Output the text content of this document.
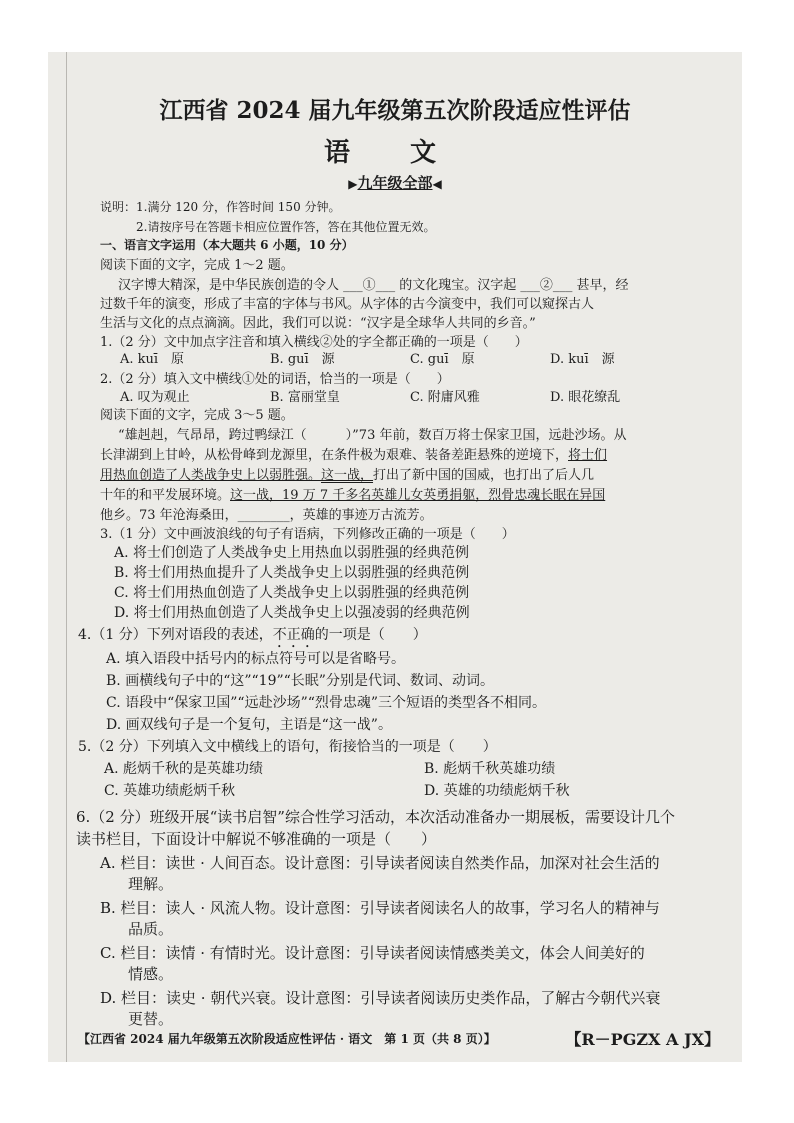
江西省 2024 届九年级第五次阶段适应性评估
语文
▶九年级全部◀
说明：1.满分 120 分，作答时间 150 分钟。
2.请按序号在答题卡相应位置作答，答在其他位置无效。
一、语言文字运用（本大题共 6 小题，10 分）
阅读下面的文字，完成 1～2 题。
汉字博大精深，是中华民族创造的令人 ___①___ 的文化瑰宝。汉字起 ___②___ 甚早，经
过数千年的演变，形成了丰富的字体与书风。从字体的古今演变中，我们可以窥探古人
生活与文化的点点滴滴。因此，我们可以说：“汉字是全球华人共同的乡音。”
1.（2 分）文中加点字注音和填入横线②处的字全都正确的一项是（　　）
A. kuī　原	B. guī　源	C. guī　原	D. kuī　源
2.（2 分）填入文中横线①处的词语，恰当的一项是（　　）
A. 叹为观止	B. 富丽堂皇	C. 附庸风雅	D. 眼花缭乱
阅读下面的文字，完成 3～5 题。
“雄赳赳，气昂昂，跨过鸭绿江（　　　）”73 年前，数百万将士保家卫国，远赴沙场。从
长津湖到上甘岭，从松骨峰到龙源里，在条件极为艰难、装备差距悬殊的逆境下，将士们
用热血创造了人类战争史上以弱胜强。这一战，打出了新中国的国威，也打出了后人几
十年的和平发展环境。这一战，19 万 7 千多名英雄儿女英勇捐躯，烈骨忠魂长眠在异国
他乡。73 年沧海桑田，________，英雄的事迹万古流芳。
3.（1 分）文中画波浪线的句子有语病，下列修改正确的一项是（　　）
A. 将士们创造了人类战争史上用热血以弱胜强的经典范例
B. 将士们用热血提升了人类战争史上以弱胜强的经典范例
C. 将士们用热血创造了人类战争史上以弱胜强的经典范例
D. 将士们用热血创造了人类战争史上以强凌弱的经典范例
4.（1 分）下列对语段的表述，不正确的一项是（　　）
A. 填入语段中括号内的标点符号可以是省略号。
B. 画横线句子中的“这”“19”“长眠”分别是代词、数词、动词。
C. 语段中“保家卫国”“远赴沙场”“烈骨忠魂”三个短语的类型各不相同。
D. 画双线句子是一个复句，主语是“这一战”。
5.（2 分）下列填入文中横线上的语句，衔接恰当的一项是（　　）
A. 彪炳千秋的是英雄功绩	B. 彪炳千秋英雄功绩
C. 英雄功绩彪炳千秋	D. 英雄的功绩彪炳千秋
6.（2 分）班级开展“读书启智”综合性学习活动，本次活动准备办一期展板，需要设计几个
读书栏目，下面设计中解说不够准确的一项是（　　）
A. 栏目：读世 · 人间百态。设计意图：引导读者阅读自然类作品，加深对社会生活的
理解。
B. 栏目：读人 · 风流人物。设计意图：引导读者阅读名人的故事，学习名人的精神与
品质。
C. 栏目：读情 · 有情时光。设计意图：引导读者阅读情感类美文，体会人间美好的
情感。
D. 栏目：读史 · 朝代兴衰。设计意图：引导读者阅读历史类作品，了解古今朝代兴衰
更替。
【江西省 2024 届九年级第五次阶段适应性评估 · 语文　第 1 页（共 8 页）】	【R－PGZX A JX】
